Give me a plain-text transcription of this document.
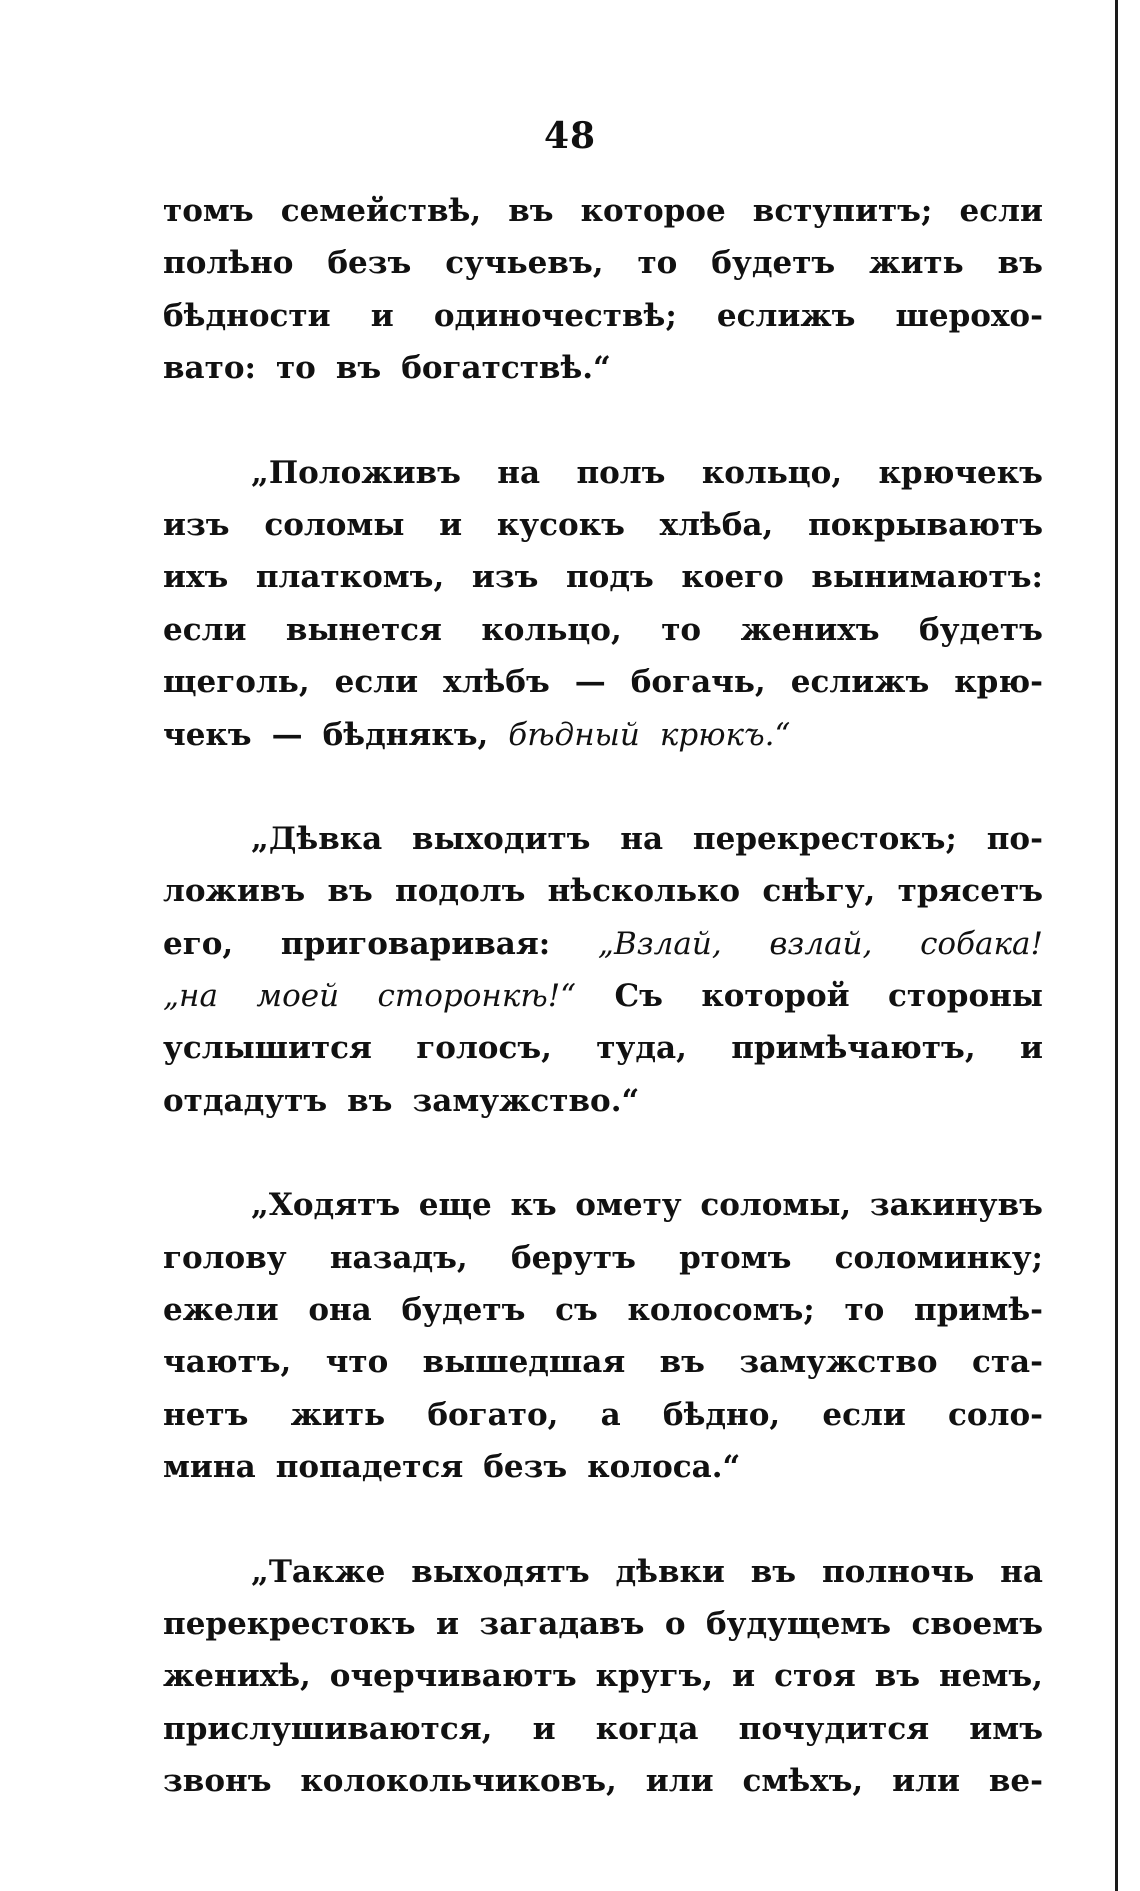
48
томъ семействѣ, въ которое вступитъ; если
полѣно безъ сучьевъ, то будетъ жить въ
бѣдности и одиночествѣ; еслижъ шерохо-
вато: то въ богатствѣ.“
„Положивъ на полъ кольцо, крючекъ
изъ соломы и кусокъ хлѣба, покрываютъ
ихъ платкомъ, изъ подъ коего вынимаютъ:
если вынется кольцо, то женихъ будетъ
щеголь, если хлѣбъ — богачь, еслижъ крю-
чекъ — бѣднякъ, бѣдный крюкъ.“
„Дѣвка выходитъ на перекрестокъ; по-
ложивъ въ подолъ нѣсколько снѣгу, трясетъ
его, приговаривая: „Взлай, взлай, собака!
„на моей сторонкѣ!“ Съ которой стороны
услышится голосъ, туда, примѣчаютъ, и
отдадутъ въ замужство.“
„Ходятъ еще къ омету соломы, закинувъ
голову назадъ, берутъ ртомъ соломинку;
ежели она будетъ съ колосомъ; то примѣ-
чаютъ, что вышедшая въ замужство ста-
нетъ жить богато, а бѣдно, если соло-
мина попадется безъ колоса.“
„Также выходятъ дѣвки въ полночь на
перекрестокъ и загадавъ о будущемъ своемъ
женихѣ, очерчиваютъ кругъ, и стоя въ немъ,
прислушиваются, и когда почудится имъ
звонъ колокольчиковъ, или смѣхъ, или ве-
